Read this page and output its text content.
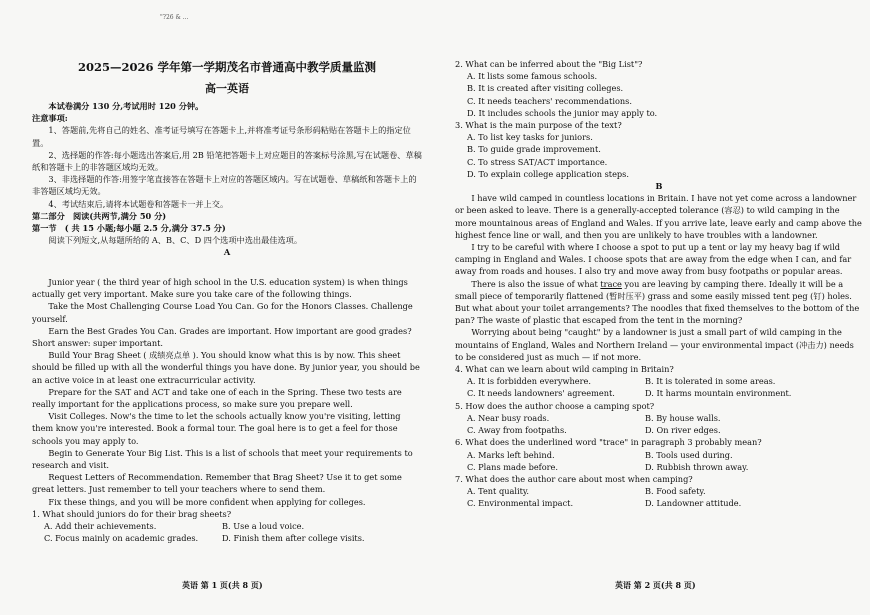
"?26 & ...
2025—2026 学年第一学期茂名市普通高中教学质量监测
高一英语

本试卷满分 130 分,考试用时 120 分钟。

注意事项:

1、答题前,先将自己的姓名、准考证号填写在答题卡上,并将准考证号条形码粘贴在答题卡上的指定位置。

2、选择题的作答:每小题选出答案后,用 2B 铅笔把答题卡上对应题目的答案标号涂黑,写在试题卷、草稿纸和答题卡上的非答题区域均无效。

3、非选择题的作答:用签字笔直接答在答题卡上对应的答题区域内。写在试题卷、草稿纸和答题卡上的非答题区域均无效。

4、考试结束后,请将本试题卷和答题卡一并上交。

第二部分　阅读(共两节,满分 50 分)

第一节　( 共 15 小题;每小题 2.5 分,满分 37.5 分)

阅读下列短文,从每题所给的 A、B、C、D 四个选项中选出最佳选项。

A

Junior year ( the third year of high school in the U.S. education system) is when things actually get very important. Make sure you take care of the following things.

Take the Most Challenging Course Load You Can. Go for the Honors Classes. Challenge yourself.

Earn the Best Grades You Can. Grades are important. How important are good grades? Short answer: super important.

Build Your Brag Sheet ( 成绩亮点单 ). You should know what this is by now. This sheet should be filled up with all the wonderful things you have done. By junior year, you should be an active voice in at least one extracurricular activity.

Prepare for the SAT and ACT and take one of each in the Spring. These two tests are really important for the applications process, so make sure you prepare well.

Visit Colleges. Now's the time to let the schools actually know you're visiting, letting them know you're interested. Book a formal tour. The goal here is to get a feel for those schools you may apply to.

Begin to Generate Your Big List. This is a list of schools that meet your requirements to research and visit.

Request Letters of Recommendation. Remember that Brag Sheet? Use it to get some great letters. Just remember to tell your teachers where to send them.

Fix these things, and you will be more confident when applying for colleges.

1. What should juniors do for their brag sheets?

A. Add their achievements.	B. Use a loud voice.
C. Focus mainly on academic grades.	D. Finish them after college visits.
英语 第 1 页(共 8 页)

2. What can be inferred about the "Big List"?

A. It lists some famous schools.
B. It is created after visiting colleges.
C. It needs teachers' recommendations.
D. It includes schools the junior may apply to.

3. What is the main purpose of the text?

A. To list key tasks for juniors.
B. To guide grade improvement.
C. To stress SAT/ACT importance.
D. To explain college application steps.

B

I have wild camped in countless locations in Britain. I have not yet come across a landowner or been asked to leave. There is a generally-accepted tolerance (容忍) to wild camping in the more mountainous areas of England and Wales. If you arrive late, leave early and camp above the highest fence line or wall, and then you are unlikely to have troubles with a landowner.

I try to be careful with where I choose a spot to put up a tent or lay my heavy bag if wild camping in England and Wales. I choose spots that are away from the edge when I can, and far away from roads and houses. I also try and move away from busy footpaths or popular areas.

There is also the issue of what trace you are leaving by camping there. Ideally it will be a small piece of temporarily flattened (暂时压平) grass and some easily missed tent peg (钉) holes. But what about your toilet arrangements? The noodles that fixed themselves to the bottom of the pan? The waste of plastic that escaped from the tent in the morning?

Worrying about being "caught" by a landowner is just a small part of wild camping in the mountains of England, Wales and Northern Ireland — your environmental impact (冲击力) needs to be considered just as much — if not more.

4. What can we learn about wild camping in Britain?

A. It is forbidden everywhere.	B. It is tolerated in some areas.
C. It needs landowners' agreement.	D. It harms mountain environment.

5. How does the author choose a camping spot?

A. Near busy roads.	B. By house walls.
C. Away from footpaths.	D. On river edges.

6. What does the underlined word "trace" in paragraph 3 probably mean?

A. Marks left behind.	B. Tools used during.
C. Plans made before.	D. Rubbish thrown away.

7. What does the author care about most when camping?

A. Tent quality.	B. Food safety.
C. Environmental impact.	D. Landowner attitude.
英语 第 2 页(共 8 页)
